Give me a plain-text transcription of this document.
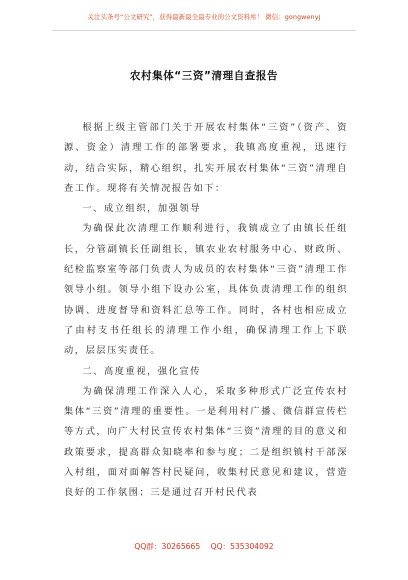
关注头条号“公文研究”，获得最新最全最专业的公文资料库！ 微信：gongwenyj
农村集体“三资”清理自查报告

根据上级主管部门关于开展农村集体“三资”（资产、资源、资金）清理工作的部署要求，我镇高度重视，迅速行动，结合实际，精心组织，扎实开展农村集体“三资”清理自查工作。现将有关情况报告如下：

一、成立组织，加强领导

为确保此次清理工作顺利进行，我镇成立了由镇长任组长，分管副镇长任副组长，镇农业农村服务中心、财政所、纪检监察室等部门负责人为成员的农村集体“三资”清理工作领导小组。领导小组下设办公室，具体负责清理工作的组织协调、进度督导和资料汇总等工作。同时，各村也相应成立了由村支书任组长的清理工作小组，确保清理工作上下联动，层层压实责任。

二、高度重视，强化宣传

为确保清理工作深入人心，采取多种形式广泛宣传农村集体“三资”清理的重要性。一是利用村广播、微信群宣传栏等方式，向广大村民宣传农村集体“三资”清理的目的意义和政策要求，提高群众知晓率和参与度；二是组织镇村干部深入村组，面对面解答村民疑问，收集村民意见和建议，营造良好的工作氛围；三是通过召开村民代表

QQ群：30265665 QQ：535304092
